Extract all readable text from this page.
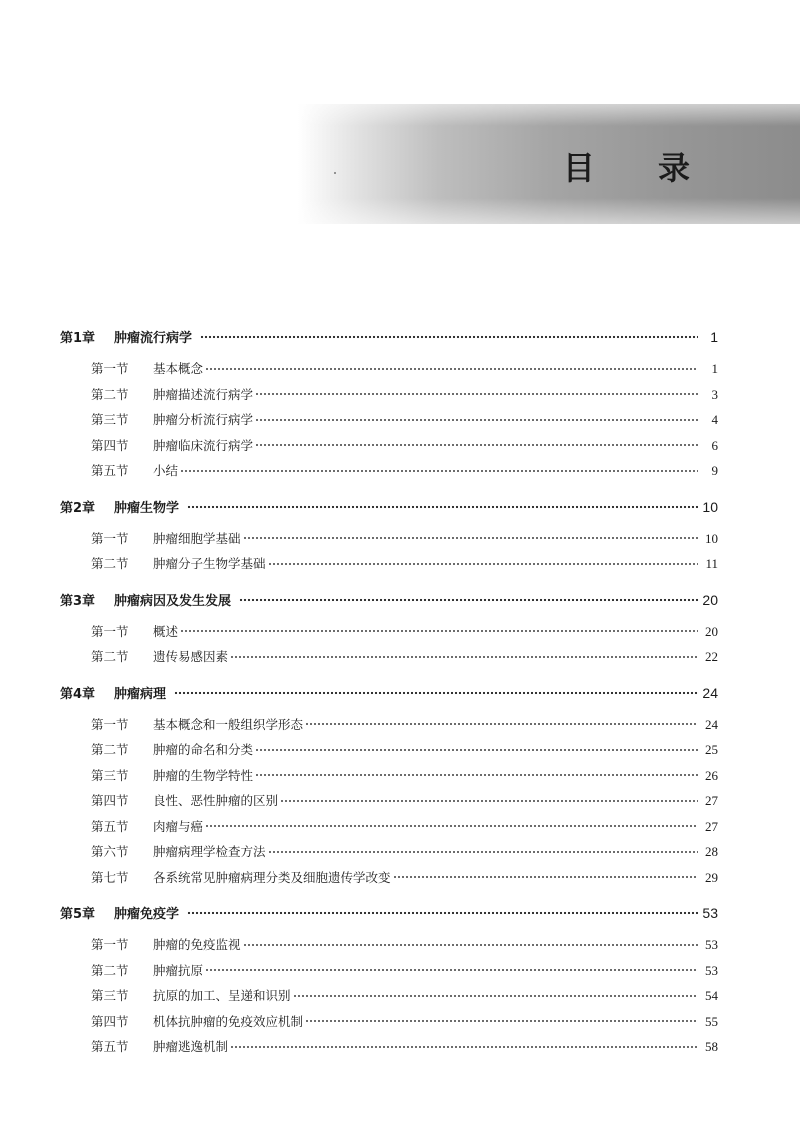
目 录
第1章	肿瘤流行病学	1
第一节	基本概念	1
第二节	肿瘤描述流行病学	3
第三节	肿瘤分析流行病学	4
第四节	肿瘤临床流行病学	6
第五节	小结	9
第2章	肿瘤生物学	10
第一节	肿瘤细胞学基础	10
第二节	肿瘤分子生物学基础	11
第3章	肿瘤病因及发生发展	20
第一节	概述	20
第二节	遗传易感因素	22
第4章	肿瘤病理	24
第一节	基本概念和一般组织学形态	24
第二节	肿瘤的命名和分类	25
第三节	肿瘤的生物学特性	26
第四节	良性、恶性肿瘤的区别	27
第五节	肉瘤与癌	27
第六节	肿瘤病理学检查方法	28
第七节	各系统常见肿瘤病理分类及细胞遗传学改变	29
第5章	肿瘤免疫学	53
第一节	肿瘤的免疫监视	53
第二节	肿瘤抗原	53
第三节	抗原的加工、呈递和识别	54
第四节	机体抗肿瘤的免疫效应机制	55
第五节	肿瘤逃逸机制	58
